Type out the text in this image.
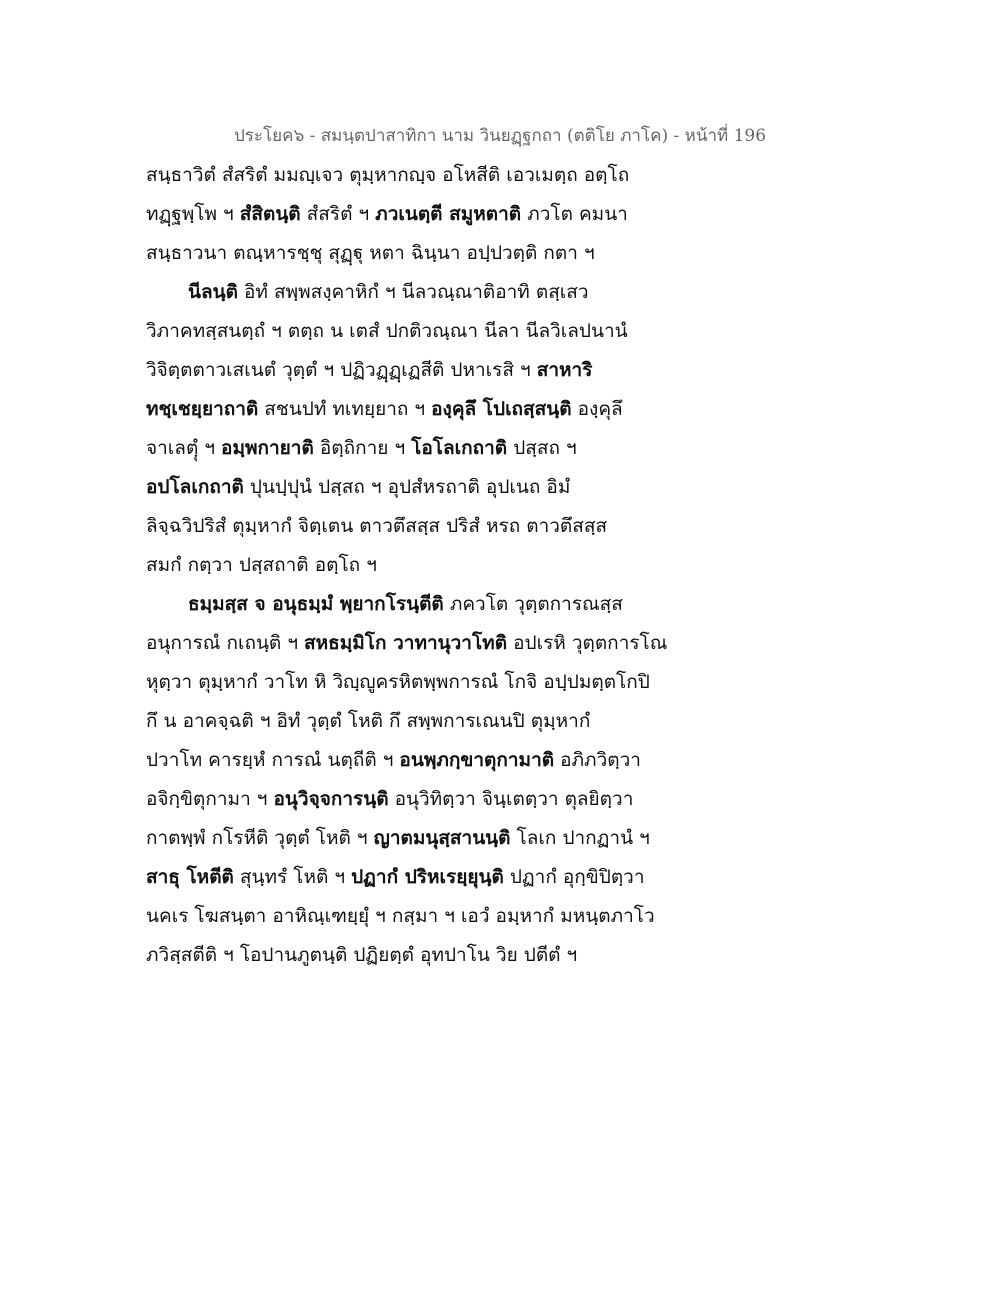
ประโยค๖ - สมนฺตปาสาทิกา นาม วินยฏฺฐกถา (ตติโย ภาโค) - หน้าที่ 196
สนฺธาวิตํ สํสริตํ มมญฺเจว ตุมฺหากญฺจ อโหสีติ เอวเมตฺถ อตฺโถ
ทฏฺฐพฺโพ ฯ สํสิตนฺติ สํสริตํ ฯ ภวเนตฺตี สมูหตาติ ภวโต คมนา
สนฺธาวนา ตณฺหารชฺชุ สุฏฺฐุ หตา ฉินฺนา อปฺปวตฺติ กตา ฯ
นีลนฺติ อิทํ สพฺพสงฺคาหิกํ ฯ นีลวณฺณาติอาทิ ตสฺเสว
วิภาคทสฺสนตฺถํ ฯ ตตฺถ น เตสํ ปกติวณฺณา นีลา นีลวิเลปนานํ
วิจิตฺตตาวเสเนตํ วุตฺตํ ฯ ปฏิวฏฺฏฺเฏสีติ ปหาเรสิ ฯ สาหาริ
ทชฺเชยฺยาถาติ สชนปทํ ทเทยฺยาถ ฯ องฺคุลึ โปเถสฺสนฺติ องฺคุลึ
จาเลตฺุํ ฯ อมฺพกายาติ อิตฺถิกาย ฯ โอโลเกถาติ ปสฺสถ ฯ
อปโลเกถาติ ปุนปฺปุนํ ปสฺสถ ฯ อุปสํหรถาติ อุปเนถ อิมํ
ลิจฺฉวิปริสํ ตุมฺหากํ จิตฺเตน ตาวตึสสฺส ปริสํ หรถ ตาวตึสสฺส
สมกํ กตฺวา ปสฺสถาติ อตฺโถ ฯ
ธมฺมสฺส จ อนุธมฺมํ พฺยากโรนฺตีติ ภควโต วุตฺตการณสฺส
อนุการณํ กเถนฺติ ฯ สหธมฺมิโก วาทานุวาโทติ อปเรหิ วุตฺตการโณ
หุตฺวา ตุมฺหากํ วาโท หิ วิญฺญูครหิตพฺพการณํ โกจิ อปฺปมตฺตโกปิ
กึ น อาคจฺฉติ ฯ อิทํ วุตฺตํ โหติ กึ สพฺพการเณนปิ ตุมฺหากํ
ปวาโท คารยฺหํ การณํ นตฺถีติ ฯ อนพฺภกฺขาตุกามาติ อภิภวิตฺวา
อจิกฺขิตุกามา ฯ อนุวิจฺจการนฺติ อนุวิทิตฺวา จินฺเตตฺวา ตุลยิตฺวา
กาตพฺพํ กโรหีติ วุตฺตํ โหติ ฯ ญาตมนุสฺสานนฺติ โลเก ปากฏานํ ฯ
สาธุ โหตีติ สุนฺทรํ โหติ ฯ ปฏากํ ปริหเรยฺยุนฺติ ปฏากํ อุกฺขิปิตฺวา
นคเร โฆสนฺตา อาหิณฺเฑยฺยุํ ฯ กสฺมา ฯ เอวํ อมฺหากํ มหนฺตภาโว
ภวิสฺสตีติ ฯ โอปานภูตนฺติ ปฏิยตฺตํ อุทปาโน วิย ปตีตํ ฯ
